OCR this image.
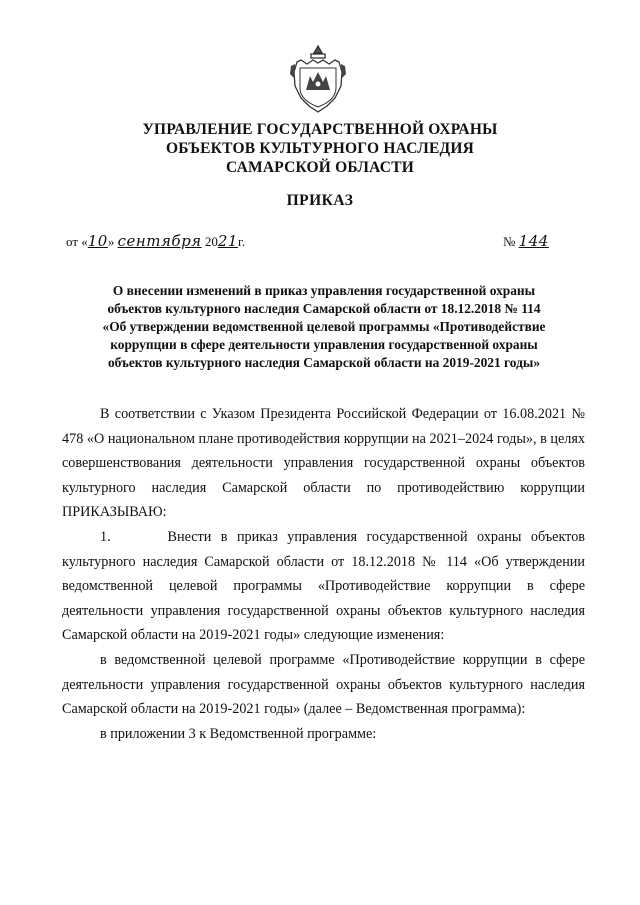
УПРАВЛЕНИЕ ГОСУДАРСТВЕННОЙ ОХРАНЫ
ОБЪЕКТОВ КУЛЬТУРНОГО НАСЛЕДИЯ
САМАРСКОЙ ОБЛАСТИ
ПРИКАЗ
от «10» сентября 2021г.	№ 144
О внесении изменений в приказ управления государственной охраны
объектов культурного наследия Самарской области от 18.12.2018 № 114
«Об утверждении ведомственной целевой программы «Противодействие
коррупции в сфере деятельности управления государственной охраны
объектов культурного наследия Самарской области на 2019-2021 годы»

В соответствии с Указом Президента Российской Федерации от 16.08.2021 № 478 «О национальном плане противодействия коррупции на 2021–2024 годы», в целях совершенствования деятельности управления государственной охраны объектов культурного наследия Самарской области по противодействию коррупции ПРИКАЗЫВАЮ:

1.      Внести в приказ управления государственной охраны объектов культурного наследия Самарской области от 18.12.2018 № 114 «Об утверждении ведомственной целевой программы «Противодействие коррупции в сфере деятельности управления государственной охраны объектов культурного наследия Самарской области на 2019-2021 годы» следующие изменения:

в ведомственной целевой программе «Противодействие коррупции в сфере деятельности управления государственной охраны объектов культурного наследия Самарской области на 2019-2021 годы» (далее – Ведомственная программа):

в приложении 3 к Ведомственной программе:
